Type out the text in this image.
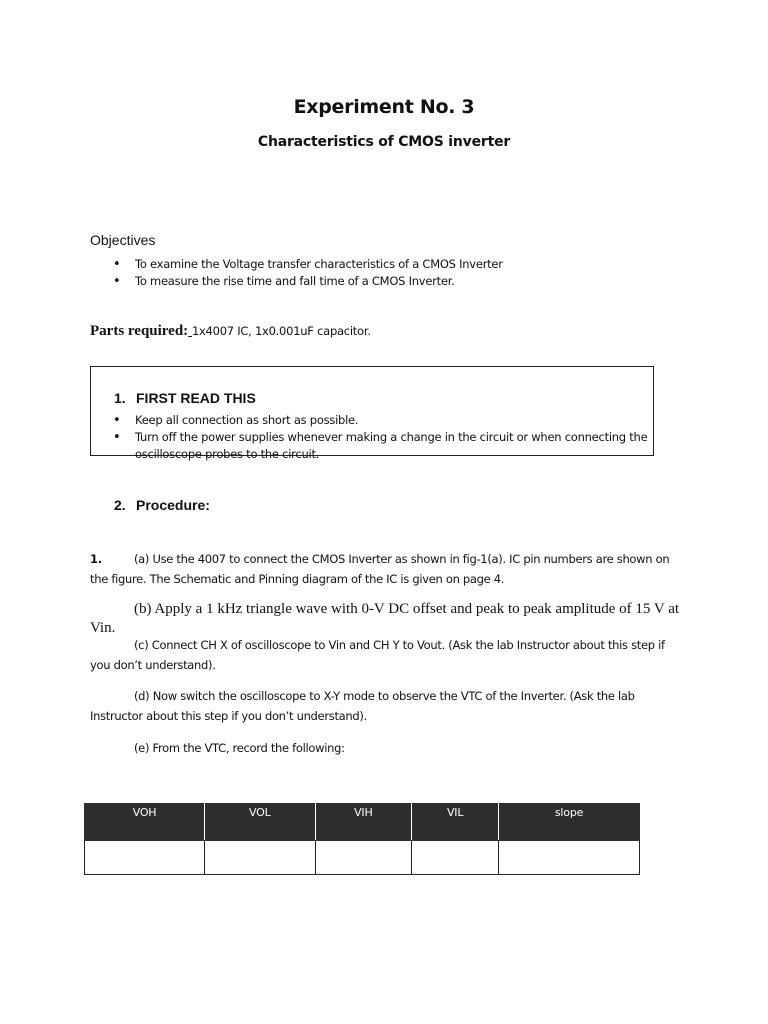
Experiment No. 3
Characteristics of CMOS inverter
Objectives
• To examine the Voltage transfer characteristics of a CMOS Inverter
• To measure the rise time and fall time of a CMOS Inverter.
Parts required: 1x4007 IC, 1x0.001uF capacitor.
1. FIRST READ THIS
• Keep all connection as short as possible.
• Turn off the power supplies whenever making a change in the circuit or when connecting the oscilloscope probes to the circuit.
2. Procedure:
1.	(a) Use the 4007 to connect the CMOS Inverter as shown in fig-1(a). IC pin numbers are shown on the figure. The Schematic and Pinning diagram of the IC is given on page 4.
(b) Apply a 1 kHz triangle wave with 0-V DC offset and peak to peak amplitude of 15 V at Vin.
(c) Connect CH X of oscilloscope to Vin and CH Y to Vout. (Ask the lab Instructor about this step if you don’t understand).
(d) Now switch the oscilloscope to X-Y mode to observe the VTC of the Inverter. (Ask the lab Instructor about this step if you don’t understand).
(e) From the VTC, record the following:
VOH	VOL	VIH	VIL	slope
